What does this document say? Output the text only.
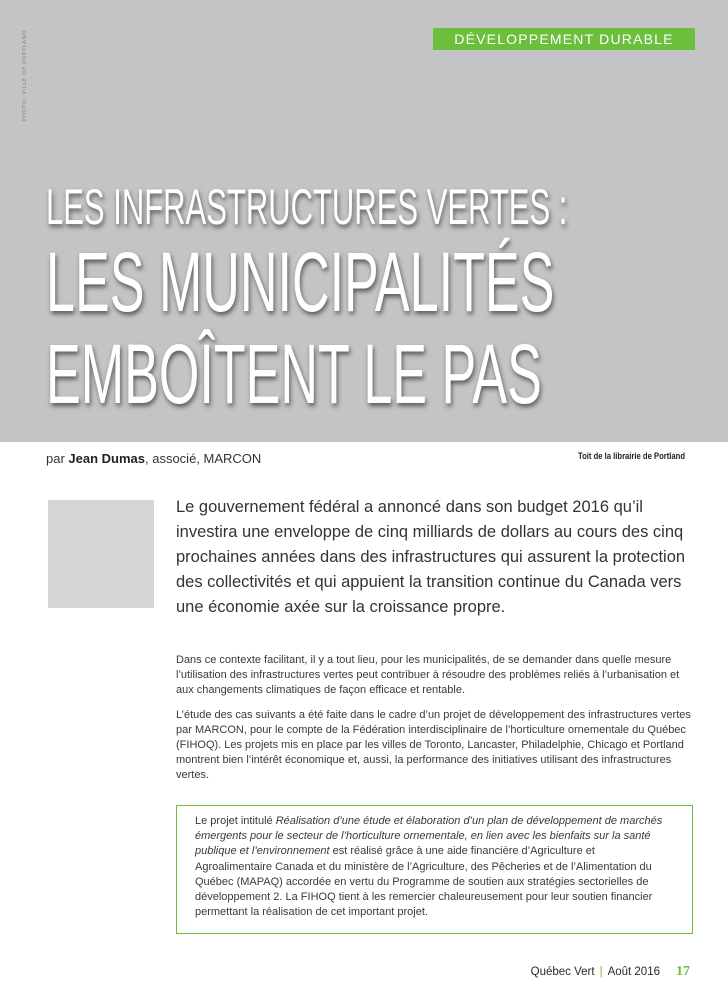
PHOTO: VILLE DE PORTLAND	DÉVELOPPEMENT DURABLE
LES INFRASTRUCTURES VERTES :
LES MUNICIPALITÉS
EMBOÎTENT LE PAS
par Jean Dumas, associé, MARCON	Toit de la librairie de Portland
Le gouvernement fédéral a annoncé dans son budget 2016 qu’il investira une enveloppe de cinq milliards de dollars au cours des cinq prochaines années dans des infrastructures qui assurent la protection des collectivités et qui appuient la transition continue du Canada vers une économie axée sur la croissance propre.

Dans ce contexte facilitant, il y a tout lieu, pour les municipalités, de se demander dans quelle mesure l’utilisation des infrastructures vertes peut contribuer à résoudre des problèmes reliés à l’urbanisation et aux changements climatiques de façon efficace et rentable.

L’étude des cas suivants a été faite dans le cadre d’un projet de développement des infrastructures vertes par MARCON, pour le compte de la Fédération interdisciplinaire de l’horticulture ornementale du Québec (FIHOQ). Les projets mis en place par les villes de Toronto, Lancaster, Philadelphie, Chicago et Portland montrent bien l’intérêt économique et, aussi, la performance des initiatives utilisant des infrastructures vertes.

Le projet intitulé Réalisation d’une étude et élaboration d’un plan de développement de marchés émergents pour le secteur de l’horticulture ornementale, en lien avec les bienfaits sur la santé publique et l’environnement est réalisé grâce à une aide financière d’Agriculture et Agroalimentaire Canada et du ministère de l’Agriculture, des Pêcheries et de l’Alimentation du Québec (MAPAQ) accordée en vertu du Programme de soutien aux stratégies sectorielles de développement 2. La FIHOQ tient à les remercier chaleureusement pour leur soutien financier permettant la réalisation de cet important projet.
Québec Vert | Août 2016 17
